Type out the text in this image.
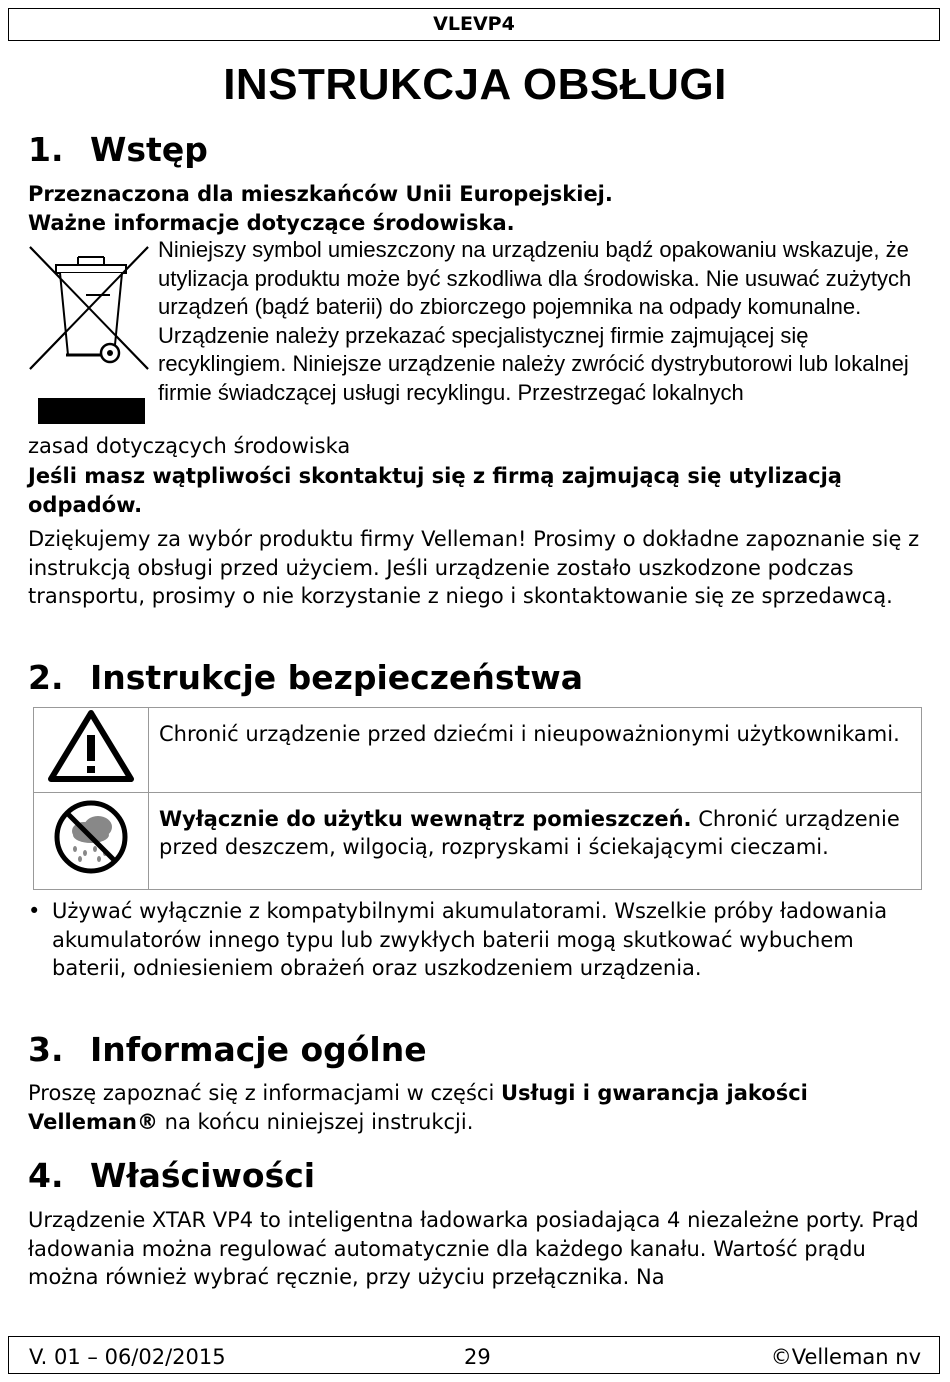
VLEVP4
INSTRUKCJA OBSŁUGI
1. Wstęp

Przeznaczona dla mieszkańców Unii Europejskiej.
Ważne informacje dotyczące środowiska.

Niniejszy symbol umieszczony na urządzeniu bądź opakowaniu wskazuje, że utylizacja produktu może być szkodliwa dla środowiska. Nie usuwać zużytych urządzeń (bądź baterii) do zbiorczego pojemnika na odpady komunalne. Urządzenie należy przekazać specjalistycznej firmie zajmującej się recyklingiem. Niniejsze urządzenie należy zwrócić dystrybutorowi lub lokalnej firmie świadczącej usługi recyklingu. Przestrzegać lokalnych
zasad dotyczących środowiska

Jeśli masz wątpliwości skontaktuj się z firmą zajmującą się utylizacją odpadów.

Dziękujemy za wybór produktu firmy Velleman! Prosimy o dokładne zapoznanie się z instrukcją obsługi przed użyciem. Jeśli urządzenie zostało uszkodzone podczas transportu, prosimy o nie korzystanie z niego i skontaktowanie się ze sprzedawcą.

2. Instrukcje bezpieczeństwa
	Chronić urządzenie przed dziećmi i nieupoważnionymi użytkownikami.
	Wyłącznie do użytku wewnątrz pomieszczeń. Chronić urządzenie przed deszczem, wilgocią, rozpryskami i ściekającymi cieczami.
• Używać wyłącznie z kompatybilnymi akumulatorami. Wszelkie próby ładowania akumulatorów innego typu lub zwykłych baterii mogą skutkować wybuchem baterii, odniesieniem obrażeń oraz uszkodzeniem urządzenia.
3. Informacje ogólne

Proszę zapoznać się z informacjami w części Usługi i gwarancja jakości Velleman® na końcu niniejszej instrukcji.

4. Właściwości

Urządzenie XTAR VP4 to inteligentna ładowarka posiadająca 4 niezależne porty. Prąd ładowania można regulować automatycznie dla każdego kanału. Wartość prądu można również wybrać ręcznie, przy użyciu przełącznika. Na

V. 01 – 06/02/2015	29	©Velleman nv
